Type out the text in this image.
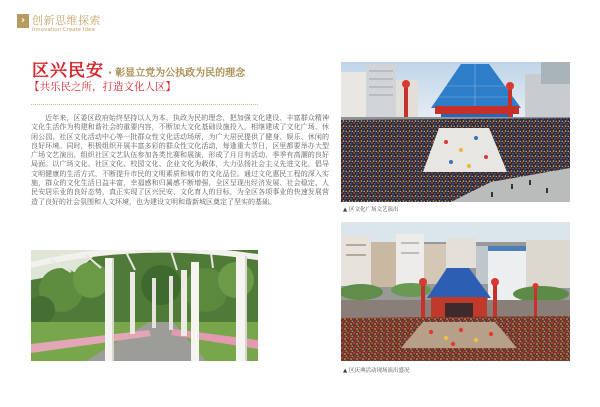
› 创新思维探索
Innovation Create Idea
区兴民安 · 彰显立党为公执政为民的理念
【共乐民之所，打造文化人区】
近年来，区委区政府始终坚持以人为本、执政为民的理念，把加强文化建设、丰富群众精神文化生活作为构建和谐社会的重要内容，不断加大文化基础设施投入，相继建成了文化广场、休闲公园、社区文化活动中心等一批群众性文化活动场所，为广大居民提供了健身、娱乐、休闲的良好环境。同时，积极组织开展丰富多彩的群众性文化活动，每逢重大节日，区里都要举办大型广场文艺演出，组织社区文艺队伍参加各类比赛和展演，形成了月月有活动、季季有高潮的良好局面。以广场文化、社区文化、校园文化、企业文化为载体，大力弘扬社会主义先进文化，倡导文明健康的生活方式，不断提升市民的文明素质和城市的文化品位。通过文化惠民工程的深入实施，群众的文化生活日益丰富，幸福感和归属感不断增强，全区呈现出经济发展、社会稳定、人民安居乐业的良好态势，真正实现了区兴民安、文化育人的目标，为全区各项事业的快速发展营造了良好的社会氛围和人文环境，也为建设文明和谐新城区奠定了坚实的基础。
▲ 区文化广场文艺演出
▲ 区庆典活动现场演出盛况
